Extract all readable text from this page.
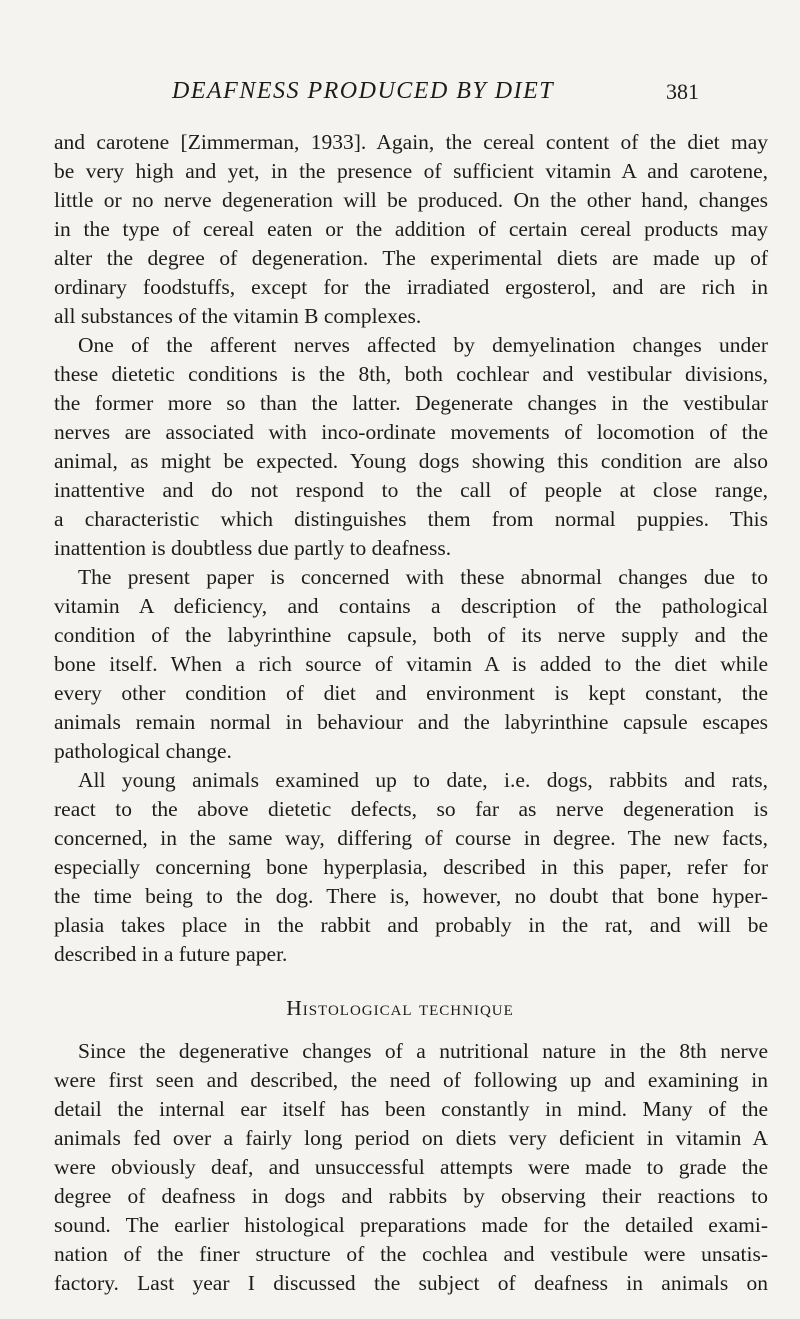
DEAFNESS PRODUCED BY DIET	381
and carotene [Zimmerman, 1933]. Again, the cereal content of the diet may
be very high and yet, in the presence of sufficient vitamin A and carotene,
little or no nerve degeneration will be produced. On the other hand, changes
in the type of cereal eaten or the addition of certain cereal products may
alter the degree of degeneration. The experimental diets are made up of
ordinary foodstuffs, except for the irradiated ergosterol, and are rich in
all substances of the vitamin B complexes.
One of the afferent nerves affected by demyelination changes under
these dietetic conditions is the 8th, both cochlear and vestibular divisions,
the former more so than the latter. Degenerate changes in the vestibular
nerves are associated with inco-ordinate movements of locomotion of the
animal, as might be expected. Young dogs showing this condition are also
inattentive and do not respond to the call of people at close range,
a characteristic which distinguishes them from normal puppies. This
inattention is doubtless due partly to deafness.
The present paper is concerned with these abnormal changes due to
vitamin A deficiency, and contains a description of the pathological
condition of the labyrinthine capsule, both of its nerve supply and the
bone itself. When a rich source of vitamin A is added to the diet while
every other condition of diet and environment is kept constant, the
animals remain normal in behaviour and the labyrinthine capsule escapes
pathological change.
All young animals examined up to date, i.e. dogs, rabbits and rats,
react to the above dietetic defects, so far as nerve degeneration is
concerned, in the same way, differing of course in degree. The new facts,
especially concerning bone hyperplasia, described in this paper, refer for
the time being to the dog. There is, however, no doubt that bone hyper-
plasia takes place in the rabbit and probably in the rat, and will be
described in a future paper.
Histological technique
Since the degenerative changes of a nutritional nature in the 8th nerve
were first seen and described, the need of following up and examining in
detail the internal ear itself has been constantly in mind. Many of the
animals fed over a fairly long period on diets very deficient in vitamin A
were obviously deaf, and unsuccessful attempts were made to grade the
degree of deafness in dogs and rabbits by observing their reactions to
sound. The earlier histological preparations made for the detailed exami-
nation of the finer structure of the cochlea and vestibule were unsatis-
factory. Last year I discussed the subject of deafness in animals on
